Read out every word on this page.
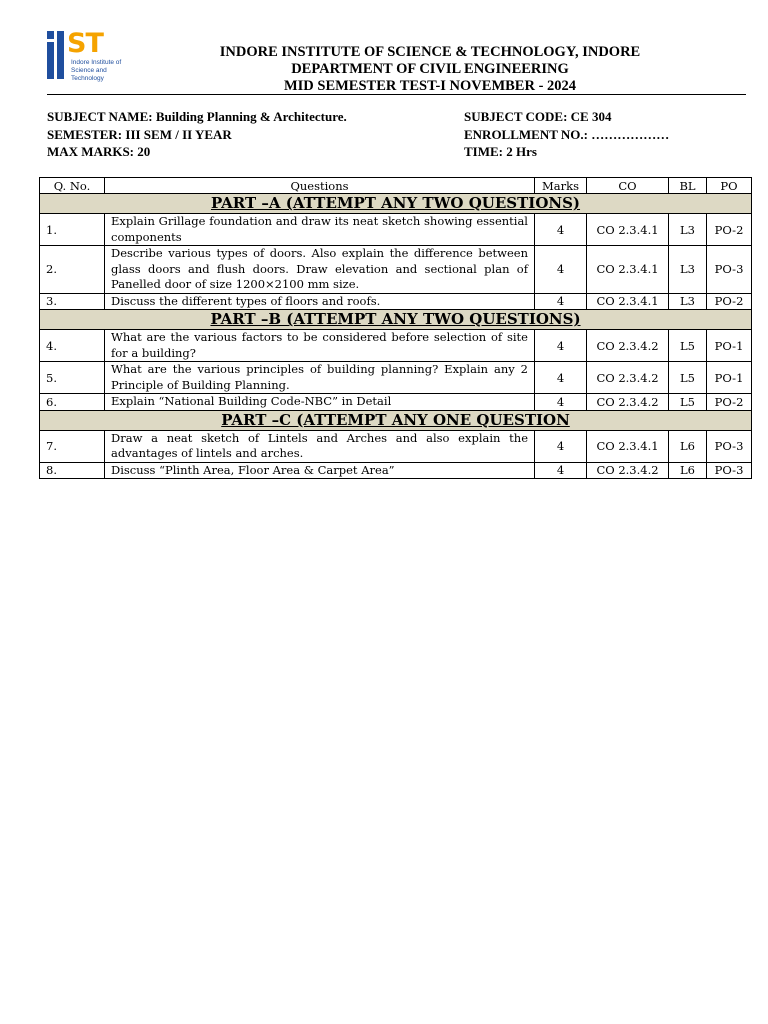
ST
Indore Institute of
Science and Technology
INDORE INSTITUTE OF SCIENCE & TECHNOLOGY, INDORE
DEPARTMENT OF CIVIL ENGINEERING
MID SEMESTER TEST-I NOVEMBER - 2024
SUBJECT NAME: Building Planning & Architecture.
SEMESTER: III SEM / II YEAR
MAX MARKS: 20
SUBJECT CODE: CE 304
ENROLLMENT NO.: ………………
TIME: 2 Hrs
Q. No.	Questions	Marks	CO	BL	PO
PART –A (ATTEMPT ANY TWO QUESTIONS)					
1.	Explain Grillage foundation and draw its neat sketch showing essential components	4	CO 2.3.4.1	L3	PO-2
2.	Describe various types of doors. Also explain the difference between glass doors and flush doors. Draw elevation and sectional plan of Panelled door of size 1200×2100 mm size.	4	CO 2.3.4.1	L3	PO-3
3.	Discuss the different types of floors and roofs.	4	CO 2.3.4.1	L3	PO-2
PART –B (ATTEMPT ANY TWO QUESTIONS)					
4.	What are the various factors to be considered before selection of site for a building?	4	CO 2.3.4.2	L5	PO-1
5.	What are the various principles of building planning? Explain any 2 Principle of Building Planning.	4	CO 2.3.4.2	L5	PO-1
6.	Explain “National Building Code-NBC” in Detail	4	CO 2.3.4.2	L5	PO-2
PART –C (ATTEMPT ANY ONE QUESTION					
7.	Draw a neat sketch of Lintels and Arches and also explain the advantages of lintels and arches.	4	CO 2.3.4.1	L6	PO-3
8.	Discuss “Plinth Area, Floor Area & Carpet Area”	4	CO 2.3.4.2	L6	PO-3
